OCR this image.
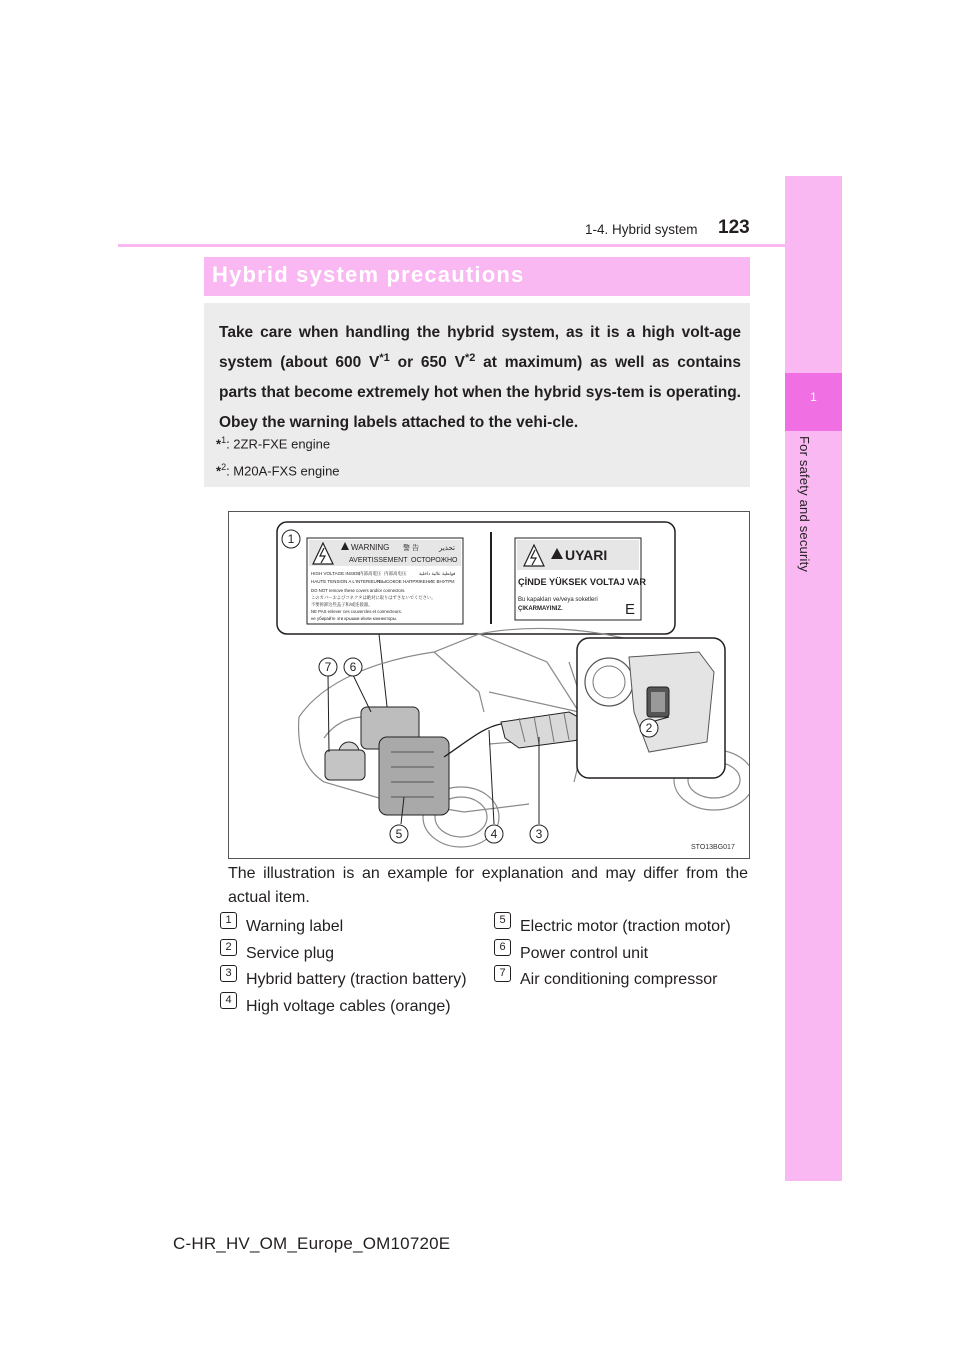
1
For safety and security
1-4. Hybrid system 123
Hybrid system precautions
Take care when handling the hybrid system, as it is a high volt-age system (about 600 $V^{*1}$ or 650 $V^{*2}$ at maximum) as well as contains parts that become extremely hot when the hybrid sys-tem is operating. Obey the warning labels attached to the vehi-cle.
*$^1$: 2ZR-FXE engine
*$^2$: M20A-FXS engine
WARNING 警 告	تحذير
AVERTISSEMENT ОСТОРОЖНО
HIGH VOLTAGE INSIDE
内部高電圧 内部高电压	فولطية عالية داخلية
HAUTE TENSION A L'INTERIEUR
ВЫСОКОЕ НАПРЯЖЕНИЕ ВНУТРИ
DO NOT remove these covers and/or connectors.
このカバーおよびコネクタは絶対に取りはずさないでください。
不要拆卸这些盖子和/或连接器。
NE PAS enlever ces couvercles et connecteurs.
не убирайте эти крышки и/или коннекторы.
UYARI
ÇİNDE YÜKSEK VOLTAJ VAR
Bu kapakları ve/veya soketleri
ÇIKARMAYINIZ.	E
1
2
3
4
5
6
7
STO13BG017
The illustration is an example for explanation and may differ from the actual item.
1 Warning label
2 Service plug
3 Hybrid battery (traction battery)
4 High voltage cables (orange)
5 Electric motor (traction motor)
6 Power control unit
7 Air conditioning compressor
C-HR_HV_OM_Europe_OM10720E
